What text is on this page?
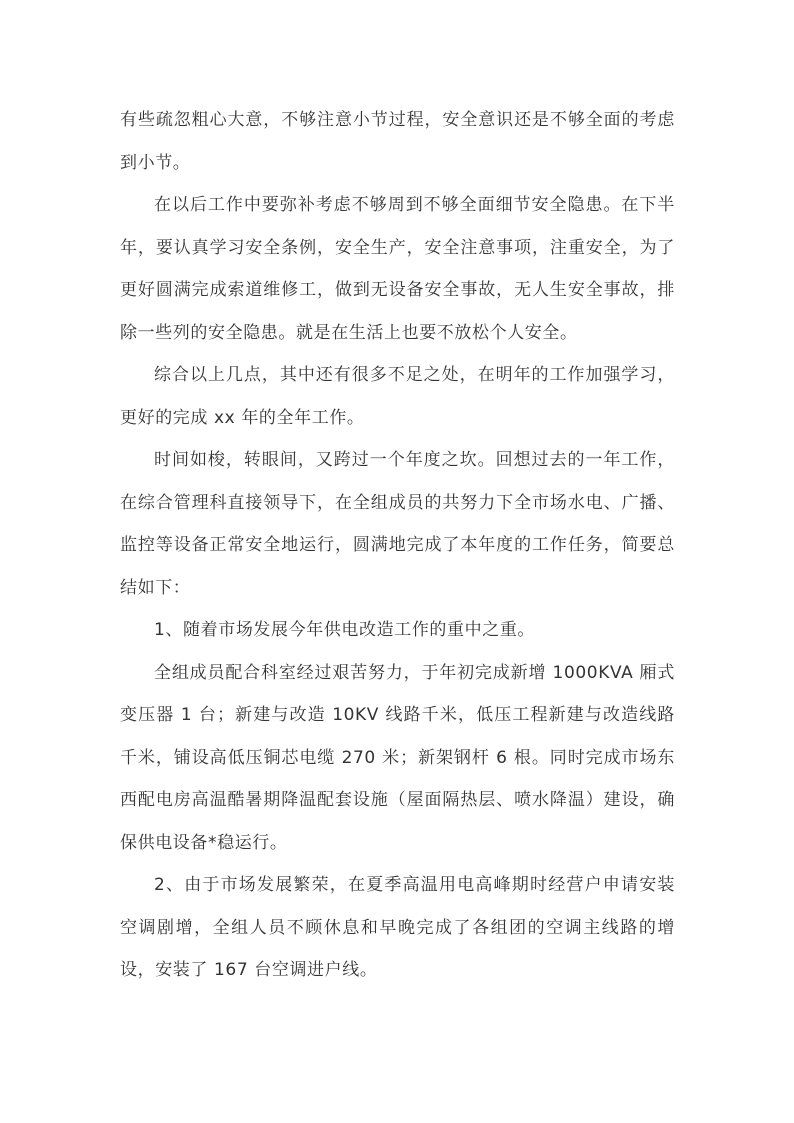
有些疏忽粗心大意，不够注意小节过程，安全意识还是不够全面的考虑到小节。

在以后工作中要弥补考虑不够周到不够全面细节安全隐患。在下半年，要认真学习安全条例，安全生产，安全注意事项，注重安全，为了更好圆满完成索道维修工，做到无设备安全事故，无人生安全事故，排除一些列的安全隐患。就是在生活上也要不放松个人安全。

综合以上几点，其中还有很多不足之处，在明年的工作加强学习，更好的完成 xx 年的全年工作。

时间如梭，转眼间，又跨过一个年度之坎。回想过去的一年工作，在综合管理科直接领导下，在全组成员的共努力下全市场水电、广播、监控等设备正常安全地运行，圆满地完成了本年度的工作任务，简要总结如下：

1、随着市场发展今年供电改造工作的重中之重。

全组成员配合科室经过艰苦努力，于年初完成新增 1000KVA 厢式变压器 1 台；新建与改造 10KV 线路千米，低压工程新建与改造线路千米，铺设高低压铜芯电缆 270 米；新架钢杆 6 根。同时完成市场东西配电房高温酷暑期降温配套设施（屋面隔热层、喷水降温）建设，确保供电设备*稳运行。

2、由于市场发展繁荣，在夏季高温用电高峰期时经营户申请安装空调剧增，全组人员不顾休息和早晚完成了各组团的空调主线路的增设，安装了 167 台空调进户线。
